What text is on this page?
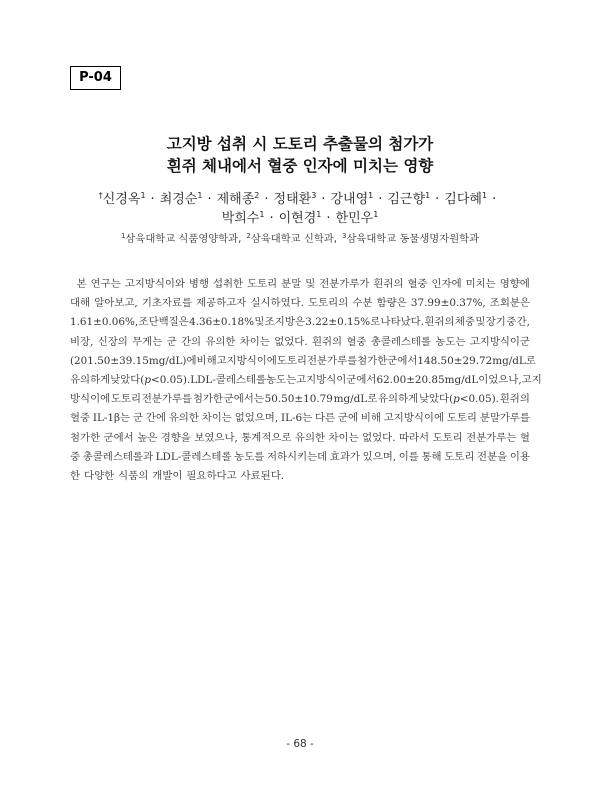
P-04
고지방 섭취 시 도토리 추출물의 첨가가
흰쥐 체내에서 혈중 인자에 미치는 영향
†신경옥$^1$ · 최경순$^1$ · 제해종$^2$ · 정태환$^3$ · 강내영$^1$ · 김근향$^1$ · 김다혜$^1$ ·
박희수$^1$ · 이현경$^1$ · 한민우$^1$
$^1$삼육대학교 식품영양학과, $^2$삼육대학교 신학과, $^3$삼육대학교 동물생명자원학과
본 연구는 고지방식이와 병행 섭취한 도토리 분말 및 전분가루가 흰쥐의 혈중 인자에 미치는 영향에
대해 알아보고, 기초자료를 제공하고자 실시하였다. 도토리의 수분 함량은 37.99±0.37%, 조회분은
1.61±0.06%, 조단백질은 4.36±0.18% 및 조지방은 3.22±0.15%로 나타났다. 흰쥐의 체중 및 장기 중 간,
비장, 신장의 무게는 군 간의 유의한 차이는 없었다. 흰쥐의 혈중 총콜레스테롤 농도는 고지방식이군
(201.50±39.15 mg/dL)에 비해 고지방식이에 도토리 전분가루를 첨가한 군에서 148.50±29.72 mg/dL로
유의하게 낮았다(p<0.05). LDL-콜레스테롤 농도는 고지방식이군에서 62.00±20.85 mg/dL이었으나, 고지
방식이에 도토리 전분가루를 첨가한 군에서는 50.50±10.79 mg/dL로 유의하게 낮았다(p<0.05). 흰쥐의
혈중 IL-1β는 군 간에 유의한 차이는 없었으며, IL-6는 다른 군에 비해 고지방식이에 도토리 분말가루를
첨가한 군에서 높은 경향을 보였으나, 통계적으로 유의한 차이는 없었다. 따라서 도토리 전분가루는 혈
중 총콜레스테롤과 LDL-콜레스테롤 농도를 저하시키는데 효과가 있으며, 이를 통해 도토리 전분을 이용
한 다양한 식품의 개발이 필요하다고 사료된다.
- 68 -
